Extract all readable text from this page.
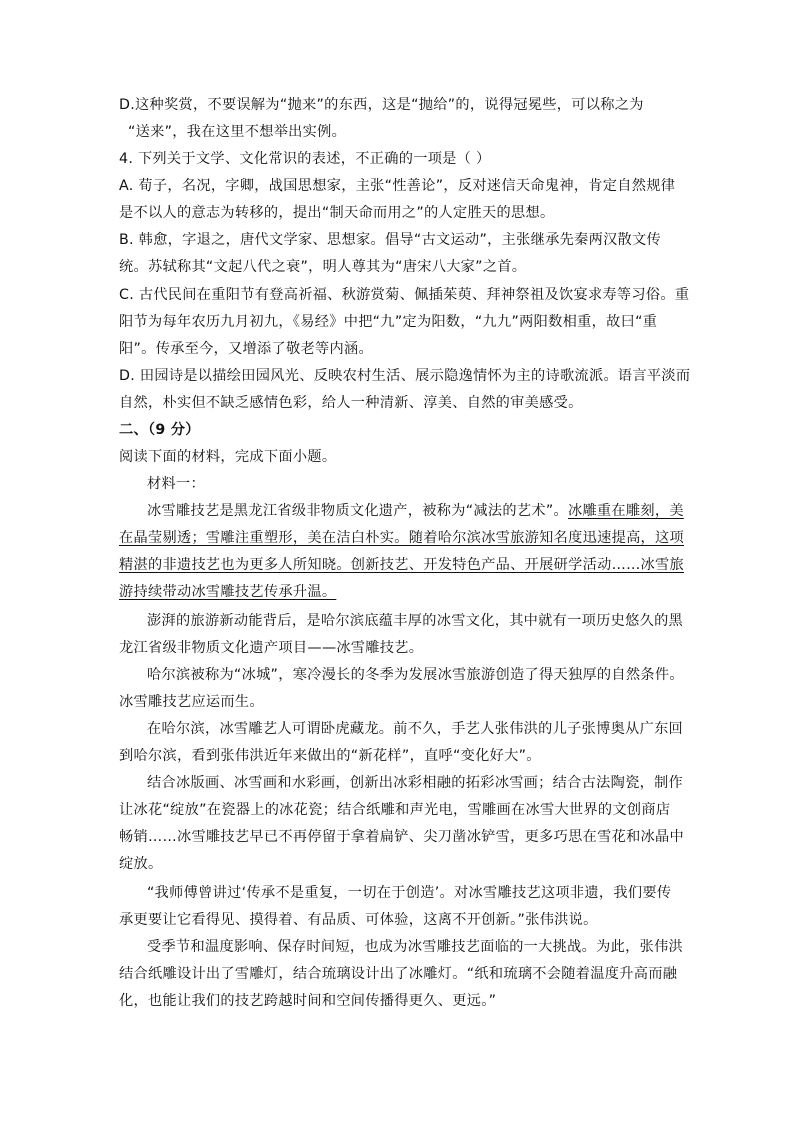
D.这种奖赏，不要误解为“抛来”的东西，这是“抛给”的，说得冠冕些，可以称之为
“送来”，我在这里不想举出实例。
4. 下列关于文学、文化常识的表述，不正确的一项是（ ）
A. 荀子，名况，字卿，战国思想家，主张“性善论”，反对迷信天命鬼神，肯定自然规律
是不以人的意志为转移的，提出“制天命而用之”的人定胜天的思想。
B. 韩愈，字退之，唐代文学家、思想家。倡导“古文运动”，主张继承先秦两汉散文传
统。苏轼称其“文起八代之衰”，明人尊其为“唐宋八大家”之首。
C. 古代民间在重阳节有登高祈福、秋游赏菊、佩插茱萸、拜神祭祖及饮宴求寿等习俗。重
阳节为每年农历九月初九，《易经》中把“九”定为阳数，“九九”两阳数相重，故曰“重
阳”。传承至今，又增添了敬老等内涵。
D. 田园诗是以描绘田园风光、反映农村生活、展示隐逸情怀为主的诗歌流派。语言平淡而
自然，朴实但不缺乏感情色彩，给人一种清新、淳美、自然的审美感受。
二、（9 分）
阅读下面的材料，完成下面小题。
材料一：
冰雪雕技艺是黑龙江省级非物质文化遗产，被称为“减法的艺术”。冰雕重在雕刻，美
在晶莹剔透；雪雕注重塑形，美在洁白朴实。随着哈尔滨冰雪旅游知名度迅速提高，这项
精湛的非遗技艺也为更多人所知晓。创新技艺、开发特色产品、开展研学活动……冰雪旅
游持续带动冰雪雕技艺传承升温。
澎湃的旅游新动能背后，是哈尔滨底蕴丰厚的冰雪文化，其中就有一项历史悠久的黑
龙江省级非物质文化遗产项目——冰雪雕技艺。
哈尔滨被称为“冰城”，寒冷漫长的冬季为发展冰雪旅游创造了得天独厚的自然条件。
冰雪雕技艺应运而生。
在哈尔滨，冰雪雕艺人可谓卧虎藏龙。前不久，手艺人张伟洪的儿子张博奥从广东回
到哈尔滨，看到张伟洪近年来做出的“新花样”，直呼“变化好大”。
结合冰版画、冰雪画和水彩画，创新出冰彩相融的拓彩冰雪画；结合古法陶瓷，制作
让冰花“绽放”在瓷器上的冰花瓷；结合纸雕和声光电，雪雕画在冰雪大世界的文创商店
畅销……冰雪雕技艺早已不再停留于拿着扁铲、尖刀凿冰铲雪，更多巧思在雪花和冰晶中
绽放。
“我师傅曾讲过‘传承不是重复，一切在于创造’。对冰雪雕技艺这项非遗，我们要传
承更要让它看得见、摸得着、有品质、可体验，这离不开创新。”张伟洪说。
受季节和温度影响、保存时间短，也成为冰雪雕技艺面临的一大挑战。为此，张伟洪
结合纸雕设计出了雪雕灯，结合琉璃设计出了冰雕灯。“纸和琉璃不会随着温度升高而融
化，也能让我们的技艺跨越时间和空间传播得更久、更远。”
